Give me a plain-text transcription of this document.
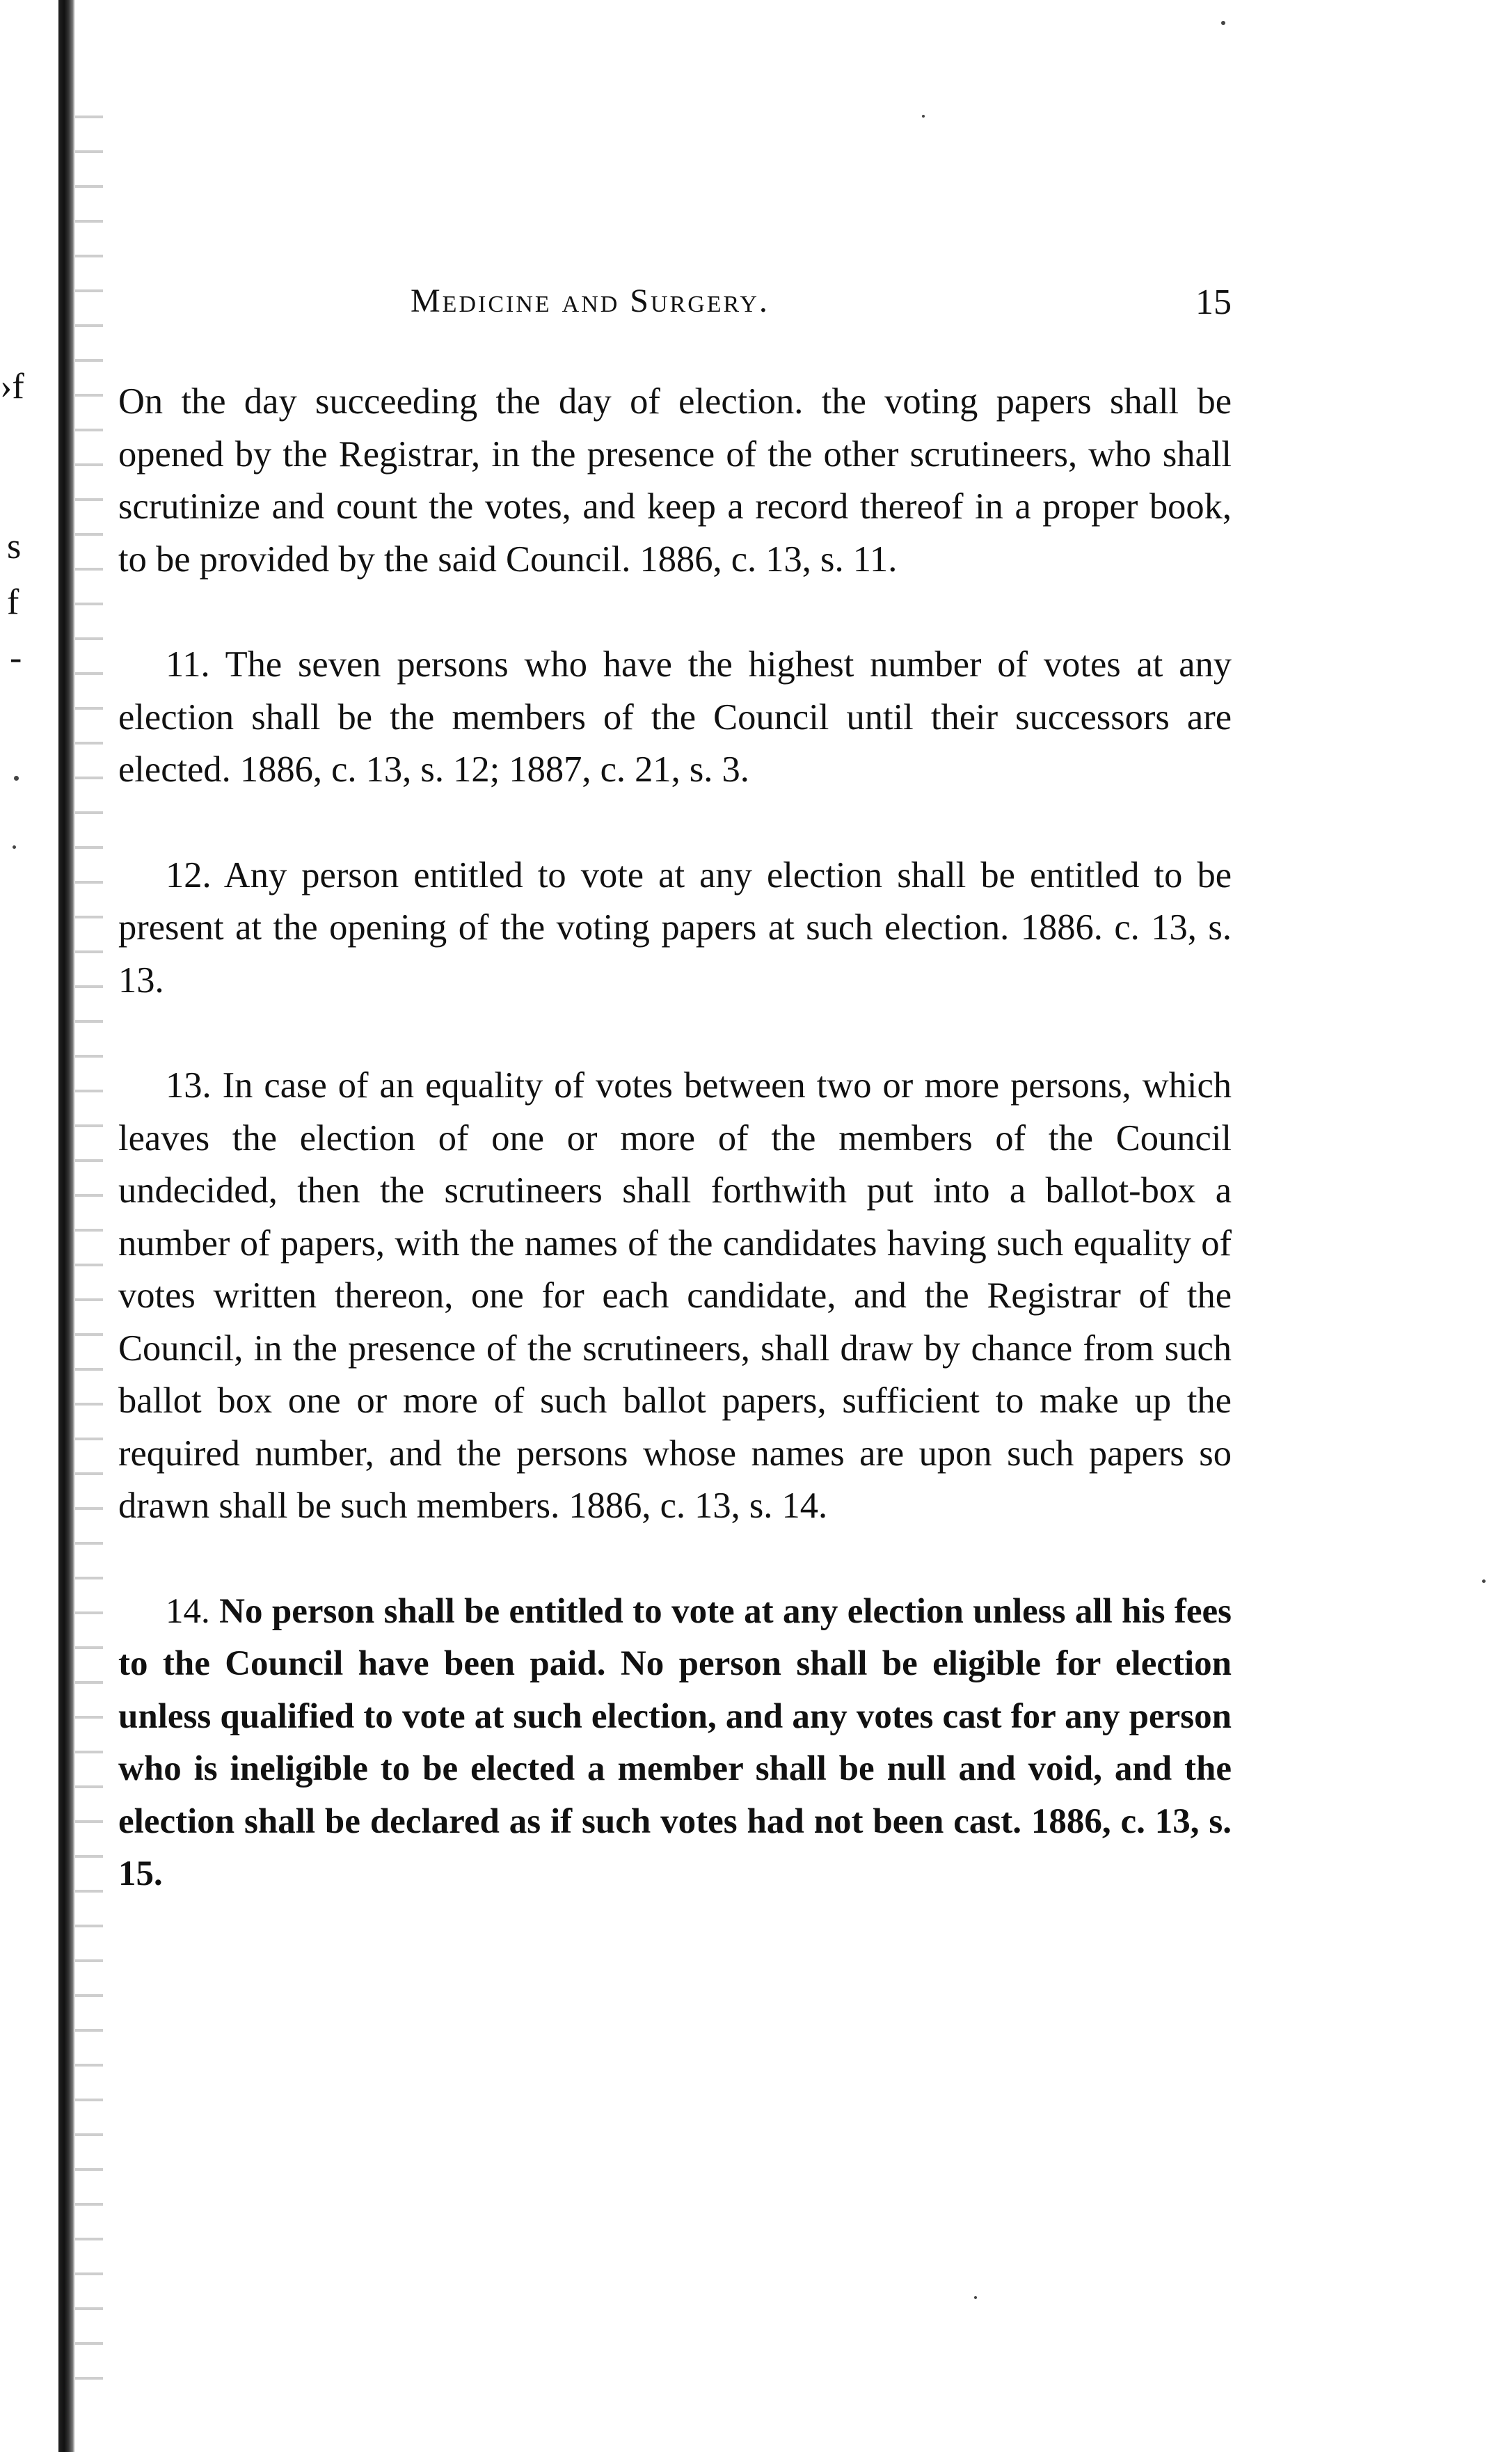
›f
s
f
-
Medicine and Surgery.	15

On the day succeeding the day of election. the voting papers shall be opened by the Registrar, in the presence of the other scrutineers, who shall scrutinize and count the votes, and keep a record thereof in a proper book, to be provided by the said Council. 1886, c. 13, s. 11.

11. The seven persons who have the highest number of votes at any election shall be the members of the Council until their successors are elected. 1886, c. 13, s. 12; 1887, c. 21, s. 3.

12. Any person entitled to vote at any election shall be entitled to be present at the opening of the voting papers at such election. 1886. c. 13, s. 13.

13. In case of an equality of votes between two or more persons, which leaves the election of one or more of the members of the Council undecided, then the scrutineers shall forthwith put into a ballot-box a number of papers, with the names of the candidates having such equality of votes written thereon, one for each candidate, and the Registrar of the Council, in the presence of the scrutineers, shall draw by chance from such ballot box one or more of such ballot papers, sufficient to make up the required number, and the persons whose names are upon such papers so drawn shall be such members. 1886, c. 13, s. 14.

14. No person shall be entitled to vote at any election unless all his fees to the Council have been paid. No person shall be eligible for election unless qualified to vote at such election, and any votes cast for any person who is ineligible to be elected a member shall be null and void, and the election shall be declared as if such votes had not been cast. 1886, c. 13, s. 15.
